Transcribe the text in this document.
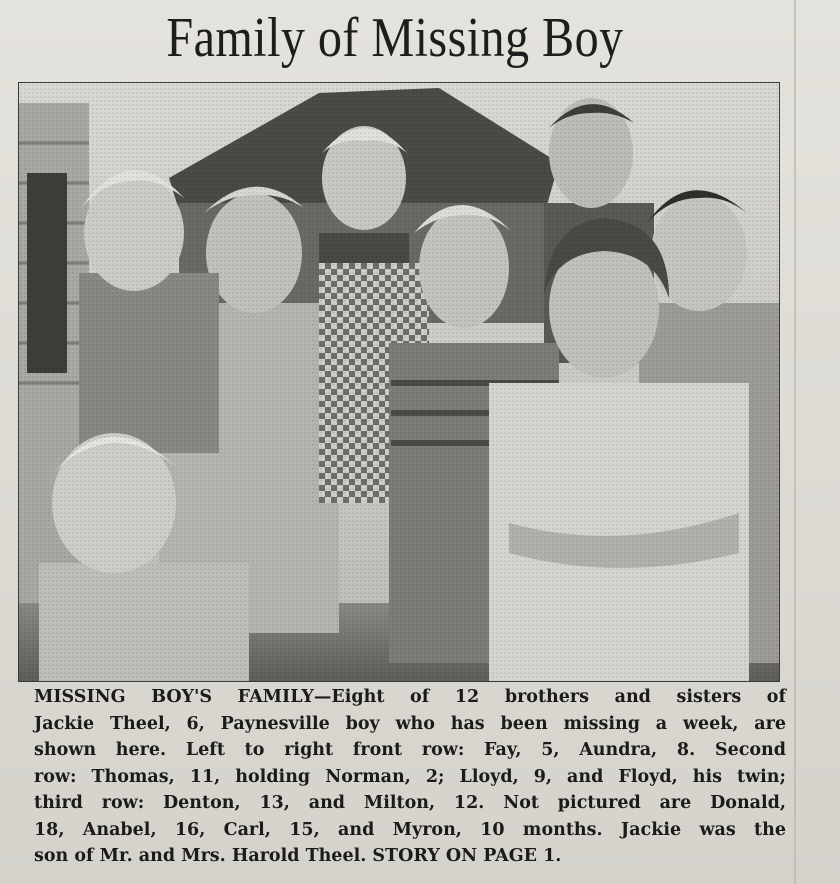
Family of Missing Boy
MISSING BOY'S FAMILY—Eight of 12 brothers and sisters of
Jackie Theel, 6, Paynesville boy who has been missing a week, are
shown here. Left to right front row: Fay, 5, Aundra, 8. Second
row: Thomas, 11, holding Norman, 2; Lloyd, 9, and Floyd, his twin;
third row: Denton, 13, and Milton, 12. Not pictured are Donald,
18, Anabel, 16, Carl, 15, and Myron, 10 months. Jackie was the
son of Mr. and Mrs. Harold Theel. STORY ON PAGE 1.
